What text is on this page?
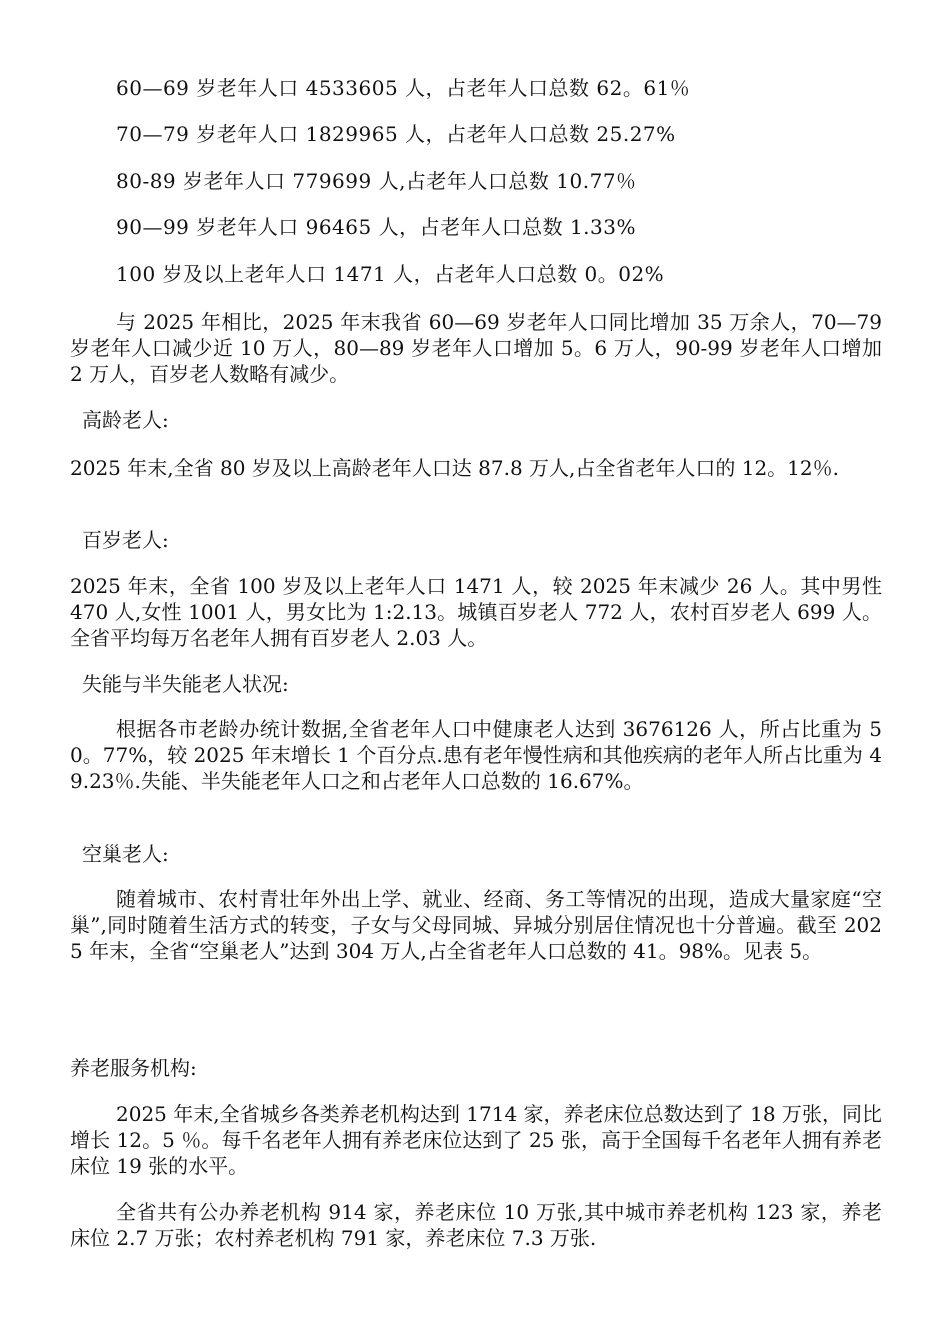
60—69 岁老年人口 4533605 人，占老年人口总数 62。61％
70—79 岁老年人口 1829965 人，占老年人口总数 25.27%
80-89 岁老年人口 779699 人,占老年人口总数 10.77％
90—99 岁老年人口 96465 人，占老年人口总数 1.33%
100 岁及以上老年人口 1471 人，占老年人口总数 0。02%
与 2025 年相比，2025 年末我省 60—69 岁老年人口同比增加 35 万余人，70—79 岁老年人口减少近 10 万人，80—89 岁老年人口增加 5。6 万人，90-99 岁老年人口增加 2 万人，百岁老人数略有减少。
高龄老人:
2025 年末,全省 80 岁及以上高龄老年人口达 87.8 万人,占全省老年人口的 12。12％.
百岁老人:
2025 年末，全省 100 岁及以上老年人口 1471 人，较 2025 年末减少 26 人。其中男性 470 人,女性 1001 人，男女比为 1:2.13。城镇百岁老人 772 人，农村百岁老人 699 人。全省平均每万名老年人拥有百岁老人 2.03 人。
失能与半失能老人状况:
根据各市老龄办统计数据,全省老年人口中健康老人达到 3676126 人，所占比重为 50。77%，较 2025 年末增长 1 个百分点.患有老年慢性病和其他疾病的老年人所占比重为 49.23％.失能、半失能老年人口之和占老年人口总数的 16.67%。
空巢老人:
随着城市、农村青壮年外出上学、就业、经商、务工等情况的出现，造成大量家庭“空巢”,同时随着生活方式的转变，子女与父母同城、异城分别居住情况也十分普遍。截至 2025 年末，全省“空巢老人”达到 304 万人,占全省老年人口总数的 41。98%。见表 5。
养老服务机构:
2025 年末,全省城乡各类养老机构达到 1714 家，养老床位总数达到了 18 万张，同比增长 12。5 ％。每千名老年人拥有养老床位达到了 25 张，高于全国每千名老年人拥有养老床位 19 张的水平。
全省共有公办养老机构 914 家，养老床位 10 万张,其中城市养老机构 123 家，养老床位 2.7 万张；农村养老机构 791 家，养老床位 7.3 万张.
